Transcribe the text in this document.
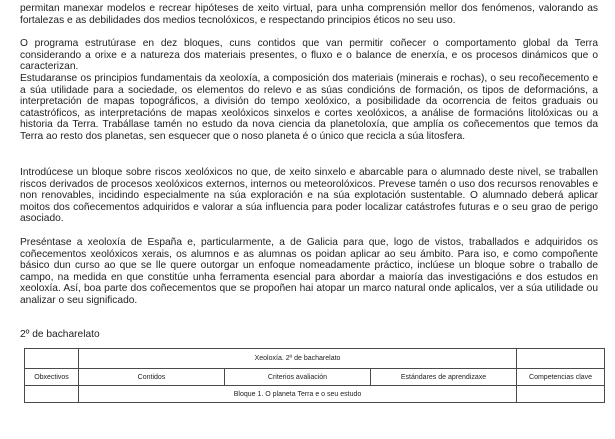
permitan manexar modelos e recrear hipóteses de xeito virtual, para unha comprensión mellor dos fenómenos, valorando as fortalezas e as debilidades dos medios tecnolóxicos, e respectando principios éticos no seu uso.

O programa estrutúrase en dez bloques, cuns contidos que van permitir coñecer o comportamento global da Terra considerando a orixe e a natureza dos materiais presentes, o fluxo e o balance de enerxía, e os procesos dinámicos que o caracterizan.

Estudaranse os principios fundamentais da xeoloxía, a composición dos materiais (minerais e rochas), o seu recoñecemento e a súa utilidade para a sociedade, os elementos do relevo e as súas condicións de formación, os tipos de deformacións, a interpretación de mapas topográficos, a división do tempo xeolóxico, a posibilidade da ocorrencia de feitos graduais ou catastróficos, as interpretacións de mapas xeolóxicos sinxelos e cortes xeolóxicos, a análise de formacións litolóxicas ou a historia da Terra. Trabállase tamén no estudo da nova ciencia da planetoloxía, que amplía os coñecementos que temos da Terra ao resto dos planetas, sen esquecer que o noso planeta é o único que recicla a súa litosfera.

Introdúcese un bloque sobre riscos xeolóxicos no que, de xeito sinxelo e abarcable para o alumnado deste nivel, se traballen riscos derivados de procesos xeolóxicos externos, internos ou meteorolóxicos. Prevese tamén o uso dos recursos renovables e non renovables, incidindo especialmente na súa exploración e na súa explotación sustentable. O alumnado deberá aplicar moitos dos coñecementos adquiridos e valorar a súa influencia para poder localizar catástrofes futuras e o seu grao de perigo asociado.

Preséntase a xeoloxía de España e, particularmente, a de Galicia para que, logo de vistos, traballados e adquiridos os coñecementos xeolóxicos xerais, os alumnos e as alumnas os poidan aplicar ao seu ámbito. Para iso, e como compoñente básico dun curso ao que se lle quere outorgar un enfoque nomeadamente práctico, inclúese un bloque sobre o traballo de campo, na medida en que constitúe unha ferramenta esencial para abordar a maioría das investigacións e dos estudos en xeoloxía. Así, boa parte dos coñecementos que se propoñen hai atopar un marco natural onde aplicalos, ver a súa utilidade ou analizar o seu significado.

2º de bacharelato

	Xeoloxía. 2º de bacharelato			
Obxectivos	Contidos	Criterios avaliación	Estándares de aprendizaxe	Competencias clave
	Bloque 1. O planeta Terra e o seu estudo			
